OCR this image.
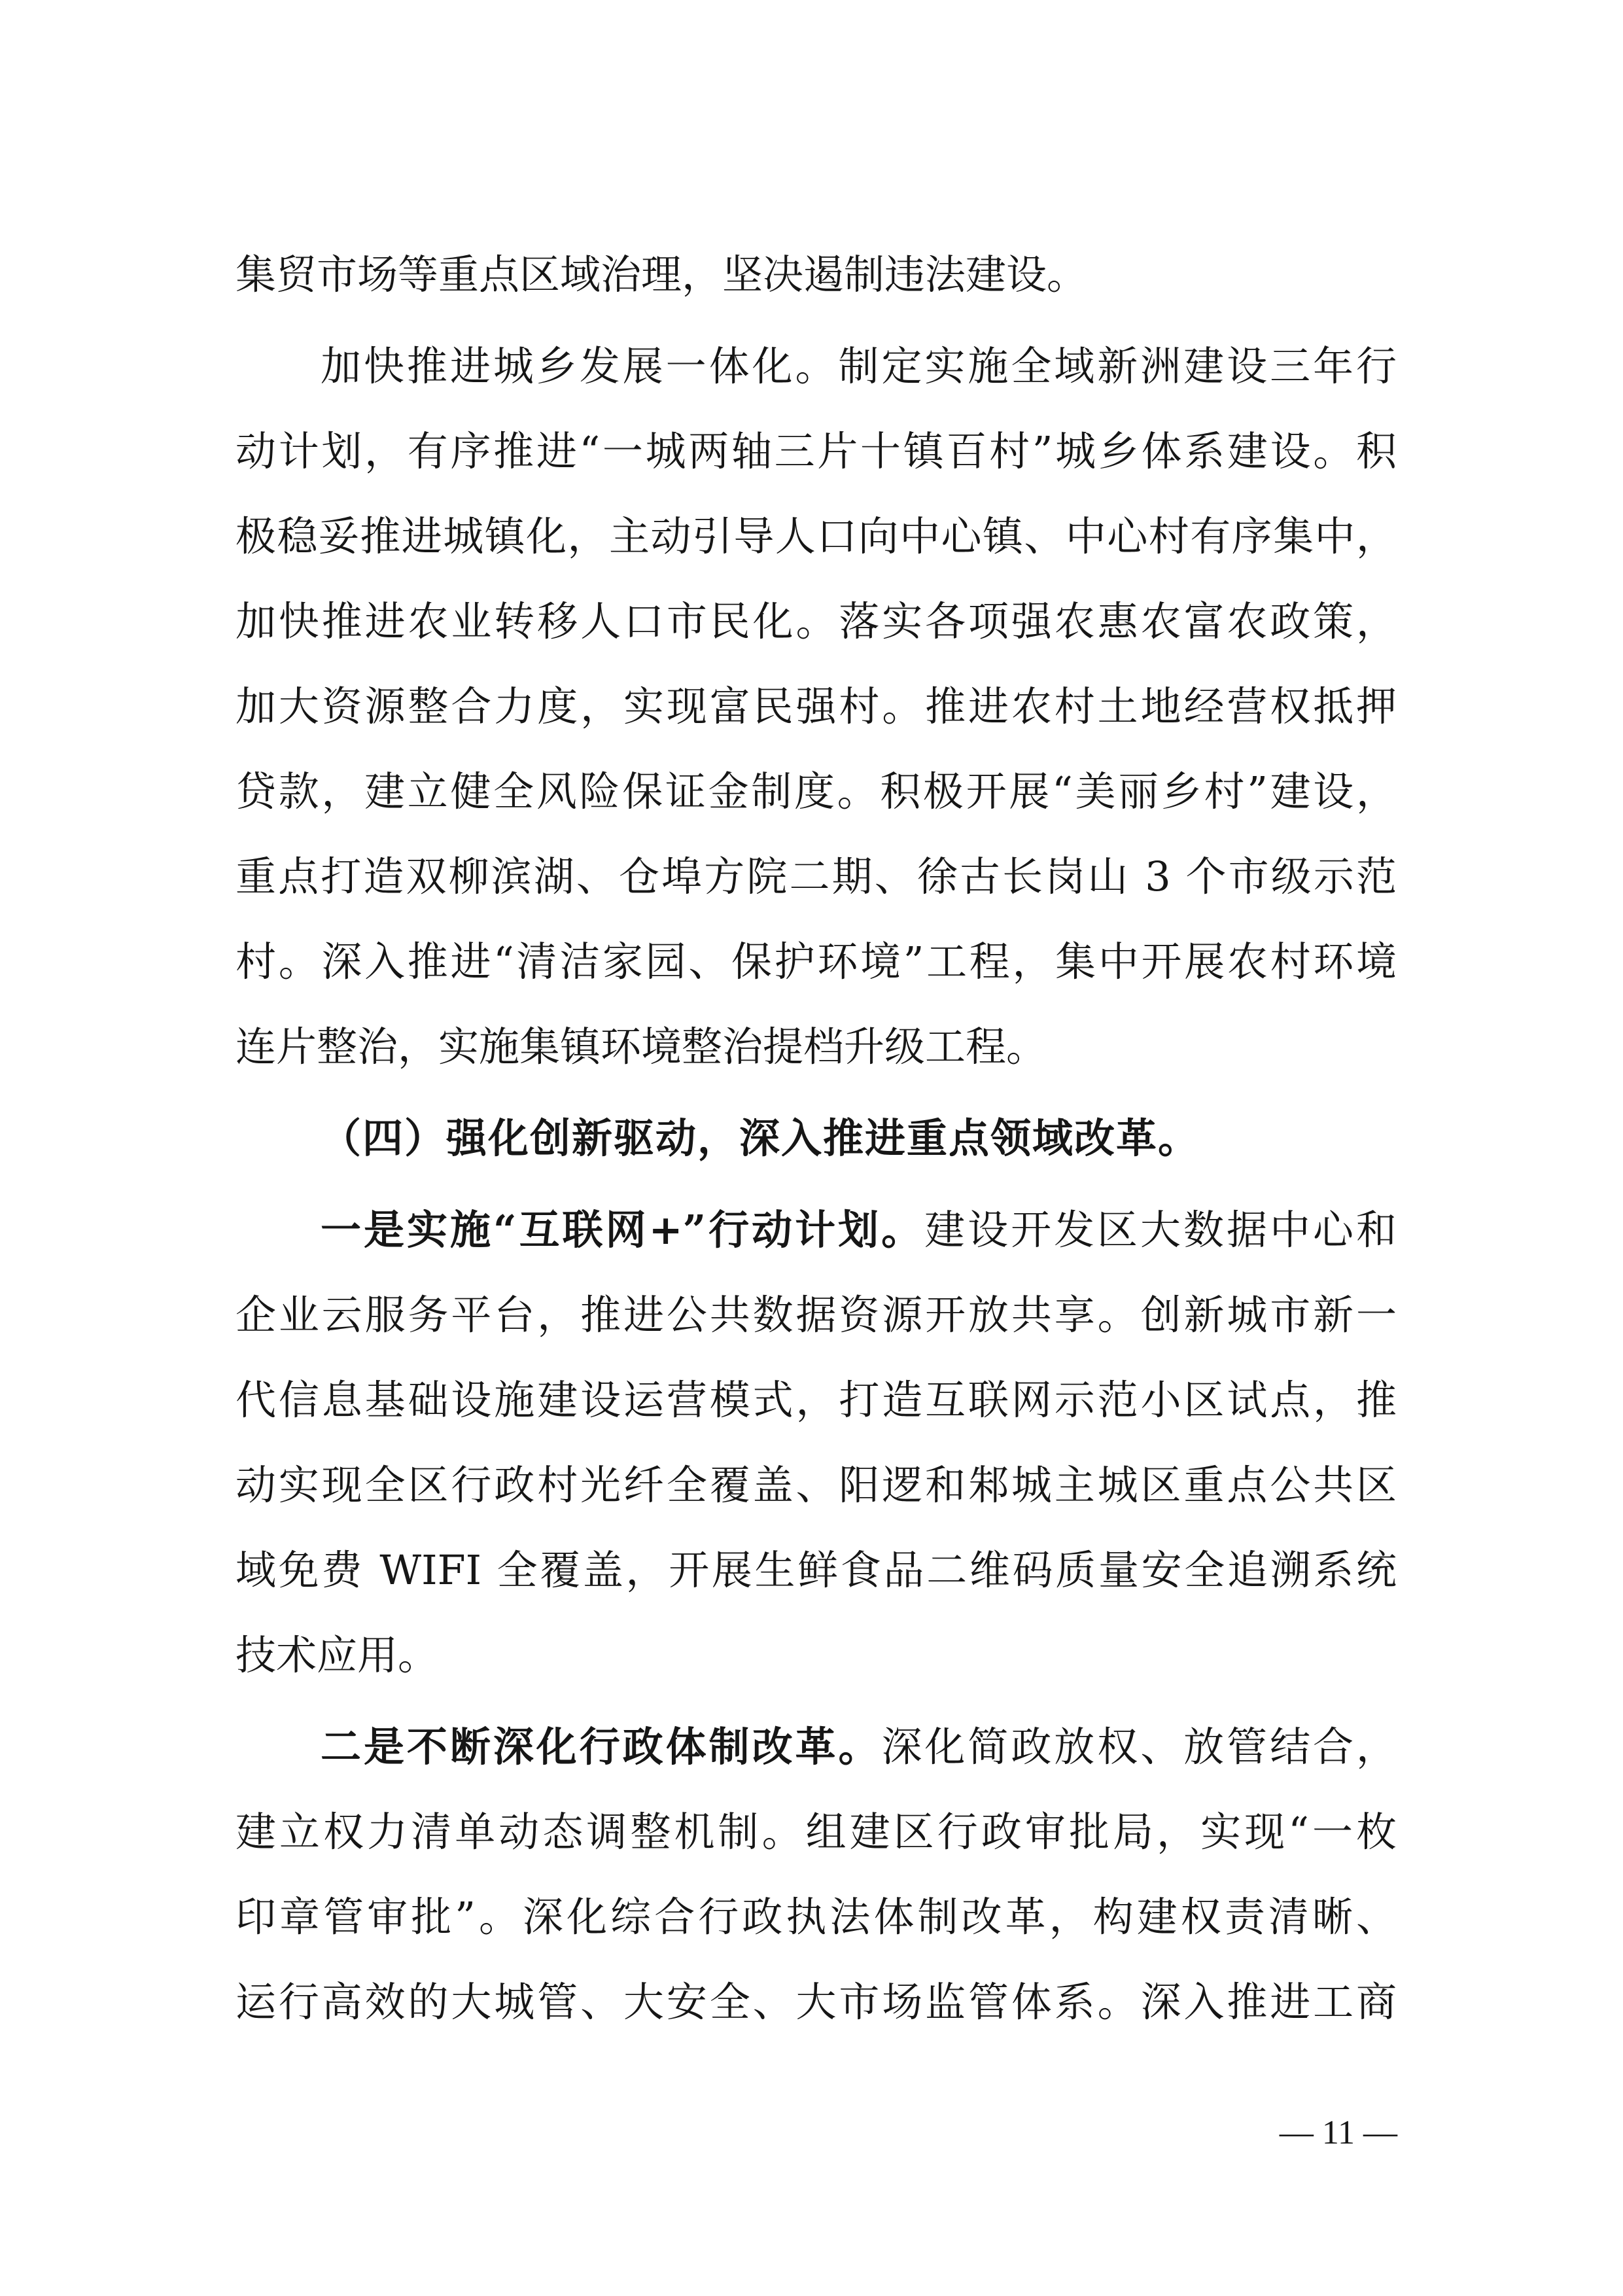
集贸市场等重点区域治理，坚决遏制违法建设。
加快推进城乡发展一体化。制定实施全域新洲建设三年行
动计划，有序推进“一城两轴三片十镇百村”城乡体系建设。积
极稳妥推进城镇化，主动引导人口向中心镇、中心村有序集中，
加快推进农业转移人口市民化。落实各项强农惠农富农政策，
加大资源整合力度，实现富民强村。推进农村土地经营权抵押
贷款，建立健全风险保证金制度。积极开展“美丽乡村”建设，
重点打造双柳滨湖、仓埠方院二期、徐古长岗山 3 个市级示范
村。深入推进“清洁家园、保护环境”工程，集中开展农村环境
连片整治，实施集镇环境整治提档升级工程。
（四）强化创新驱动，深入推进重点领域改革。
一是实施“互联网+”行动计划。建设开发区大数据中心和
企业云服务平台，推进公共数据资源开放共享。创新城市新一
代信息基础设施建设运营模式，打造互联网示范小区试点，推
动实现全区行政村光纤全覆盖、阳逻和邾城主城区重点公共区
域免费 WIFI 全覆盖，开展生鲜食品二维码质量安全追溯系统
技术应用。
二是不断深化行政体制改革。深化简政放权、放管结合，
建立权力清单动态调整机制。组建区行政审批局，实现“一枚
印章管审批”。深化综合行政执法体制改革，构建权责清晰、
运行高效的大城管、大安全、大市场监管体系。深入推进工商
— 11 —
